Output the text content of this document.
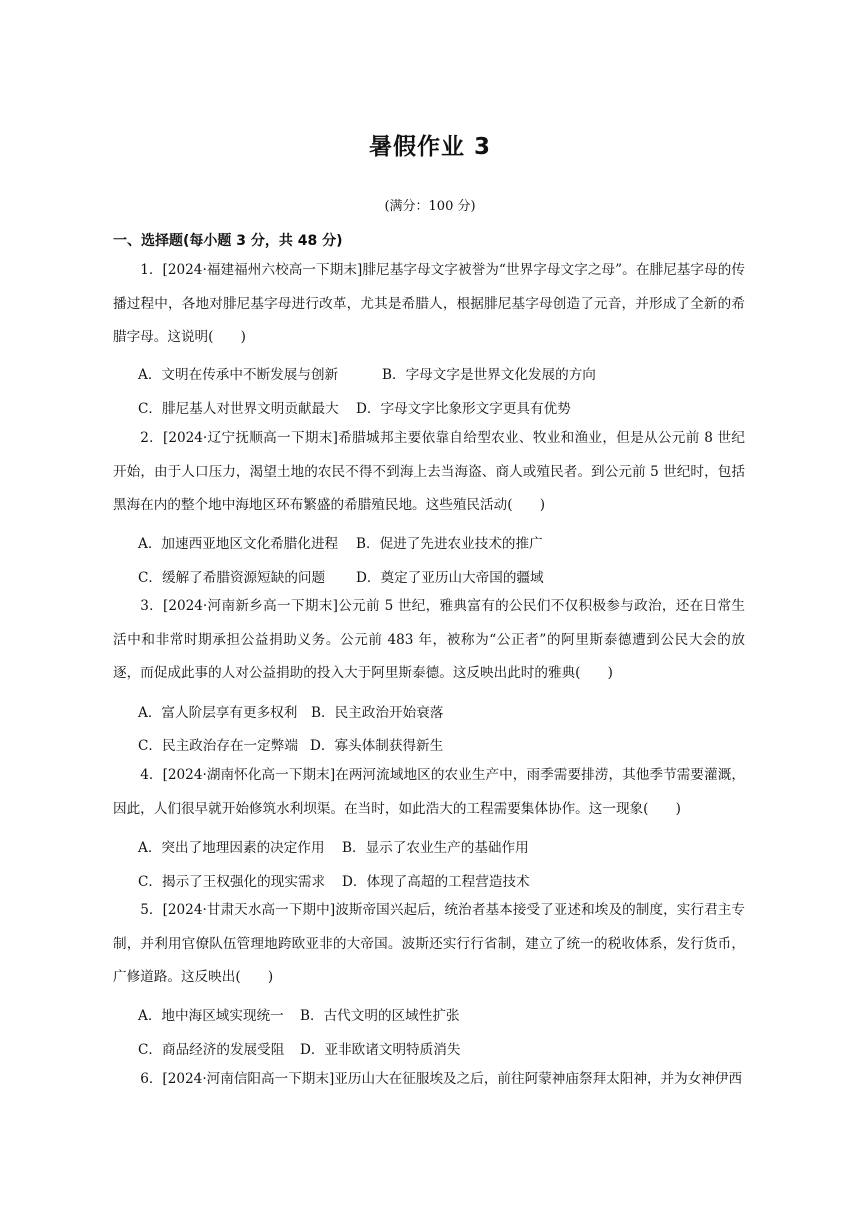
暑假作业 3
(满分：100 分)
一、选择题(每小题 3 分，共 48 分)

1．[2024·福建福州六校高一下期末]腓尼基字母文字被誉为“世界字母文字之母”。在腓尼基字母的传播过程中，各地对腓尼基字母进行改革，尤其是希腊人，根据腓尼基字母创造了元音，并形成了全新的希腊字母。这说明(　　)

A．文明在传承中不断发展与创新	B．字母文字是世界文化发展的方向
C．腓尼基人对世界文明贡献最大 D．字母文字比象形文字更具有优势

2．[2024·辽宁抚顺高一下期末]希腊城邦主要依靠自给型农业、牧业和渔业，但是从公元前 8 世纪开始，由于人口压力，渴望土地的农民不得不到海上去当海盗、商人或殖民者。到公元前 5 世纪时，包括黑海在内的整个地中海地区环布繁盛的希腊殖民地。这些殖民活动(　　)

A．加速西亚地区文化希腊化进程 B．促进了先进农业技术的推广
C．缓解了希腊资源短缺的问题 D．奠定了亚历山大帝国的疆域

3．[2024·河南新乡高一下期末]公元前 5 世纪，雅典富有的公民们不仅积极参与政治，还在日常生活中和非常时期承担公益捐助义务。公元前 483 年，被称为“公正者”的阿里斯泰德遭到公民大会的放逐，而促成此事的人对公益捐助的投入大于阿里斯泰德。这反映出此时的雅典(　　)

A．富人阶层享有更多权利 B．民主政治开始衰落
C．民主政治存在一定弊端 D．寡头体制获得新生

4．[2024·湖南怀化高一下期末]在两河流域地区的农业生产中，雨季需要排涝，其他季节需要灌溉，因此，人们很早就开始修筑水利坝渠。在当时，如此浩大的工程需要集体协作。这一现象(　　)

A．突出了地理因素的决定作用 B．显示了农业生产的基础作用
C．揭示了王权强化的现实需求 D．体现了高超的工程营造技术

5．[2024·甘肃天水高一下期中]波斯帝国兴起后，统治者基本接受了亚述和埃及的制度，实行君主专制，并利用官僚队伍管理地跨欧亚非的大帝国。波斯还实行行省制，建立了统一的税收体系，发行货币，广修道路。这反映出(　　)

A．地中海区域实现统一 B．古代文明的区域性扩张
C．商品经济的发展受阻 D．亚非欧诸文明特质消失

6．[2024·河南信阳高一下期末]亚历山大在征服埃及之后，前往阿蒙神庙祭拜太阳神，并为女神伊西
